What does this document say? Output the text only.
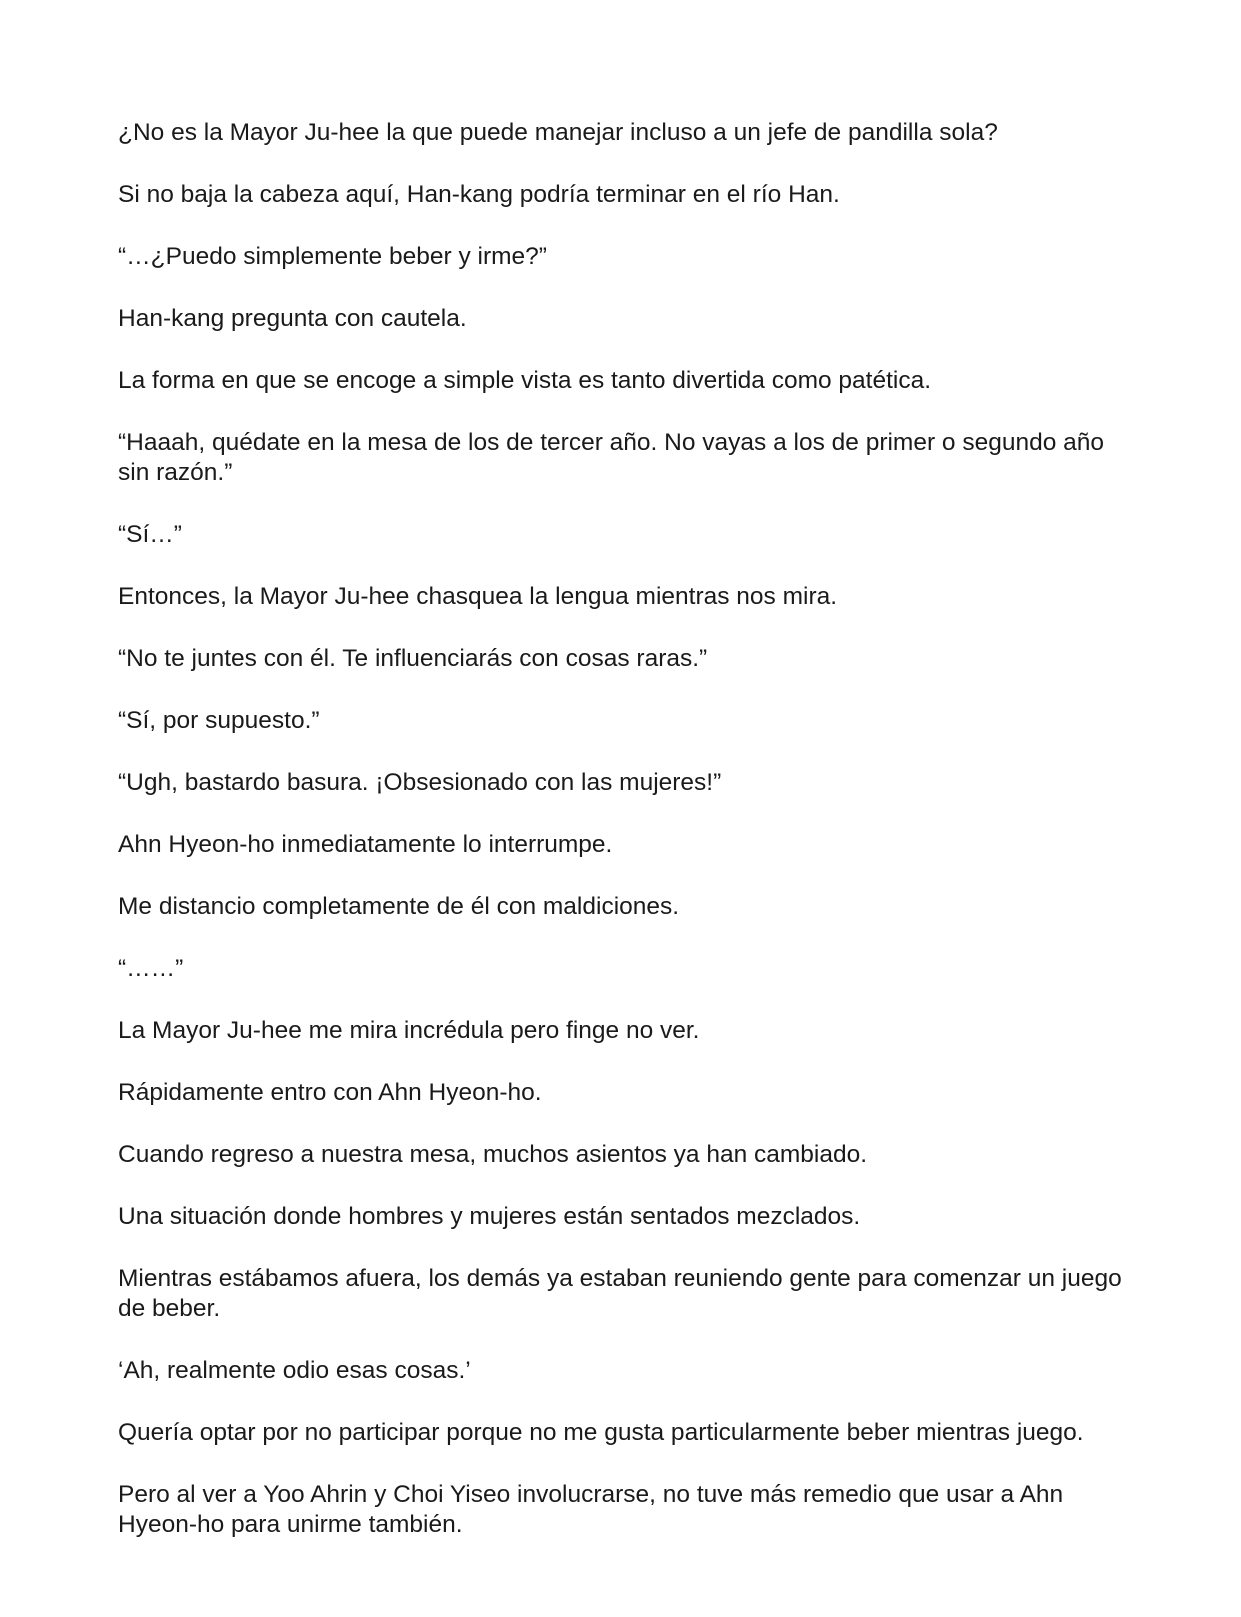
¿No es la Mayor Ju-hee la que puede manejar incluso a un jefe de pandilla sola?

Si no baja la cabeza aquí, Han-kang podría terminar en el río Han.

“…¿Puedo simplemente beber y irme?”

Han-kang pregunta con cautela.

La forma en que se encoge a simple vista es tanto divertida como patética.

“Haaah, quédate en la mesa de los de tercer año. No vayas a los de primer o segundo año sin razón.”

“Sí…”

Entonces, la Mayor Ju-hee chasquea la lengua mientras nos mira.

“No te juntes con él. Te influenciarás con cosas raras.”

“Sí, por supuesto.”

“Ugh, bastardo basura. ¡Obsesionado con las mujeres!”

Ahn Hyeon-ho inmediatamente lo interrumpe.

Me distancio completamente de él con maldiciones.

“……”

La Mayor Ju-hee me mira incrédula pero finge no ver.

Rápidamente entro con Ahn Hyeon-ho.

Cuando regreso a nuestra mesa, muchos asientos ya han cambiado.

Una situación donde hombres y mujeres están sentados mezclados.

Mientras estábamos afuera, los demás ya estaban reuniendo gente para comenzar un juego de beber.

‘Ah, realmente odio esas cosas.’

Quería optar por no participar porque no me gusta particularmente beber mientras juego.

Pero al ver a Yoo Ahrin y Choi Yiseo involucrarse, no tuve más remedio que usar a Ahn Hyeon-ho para unirme también.
